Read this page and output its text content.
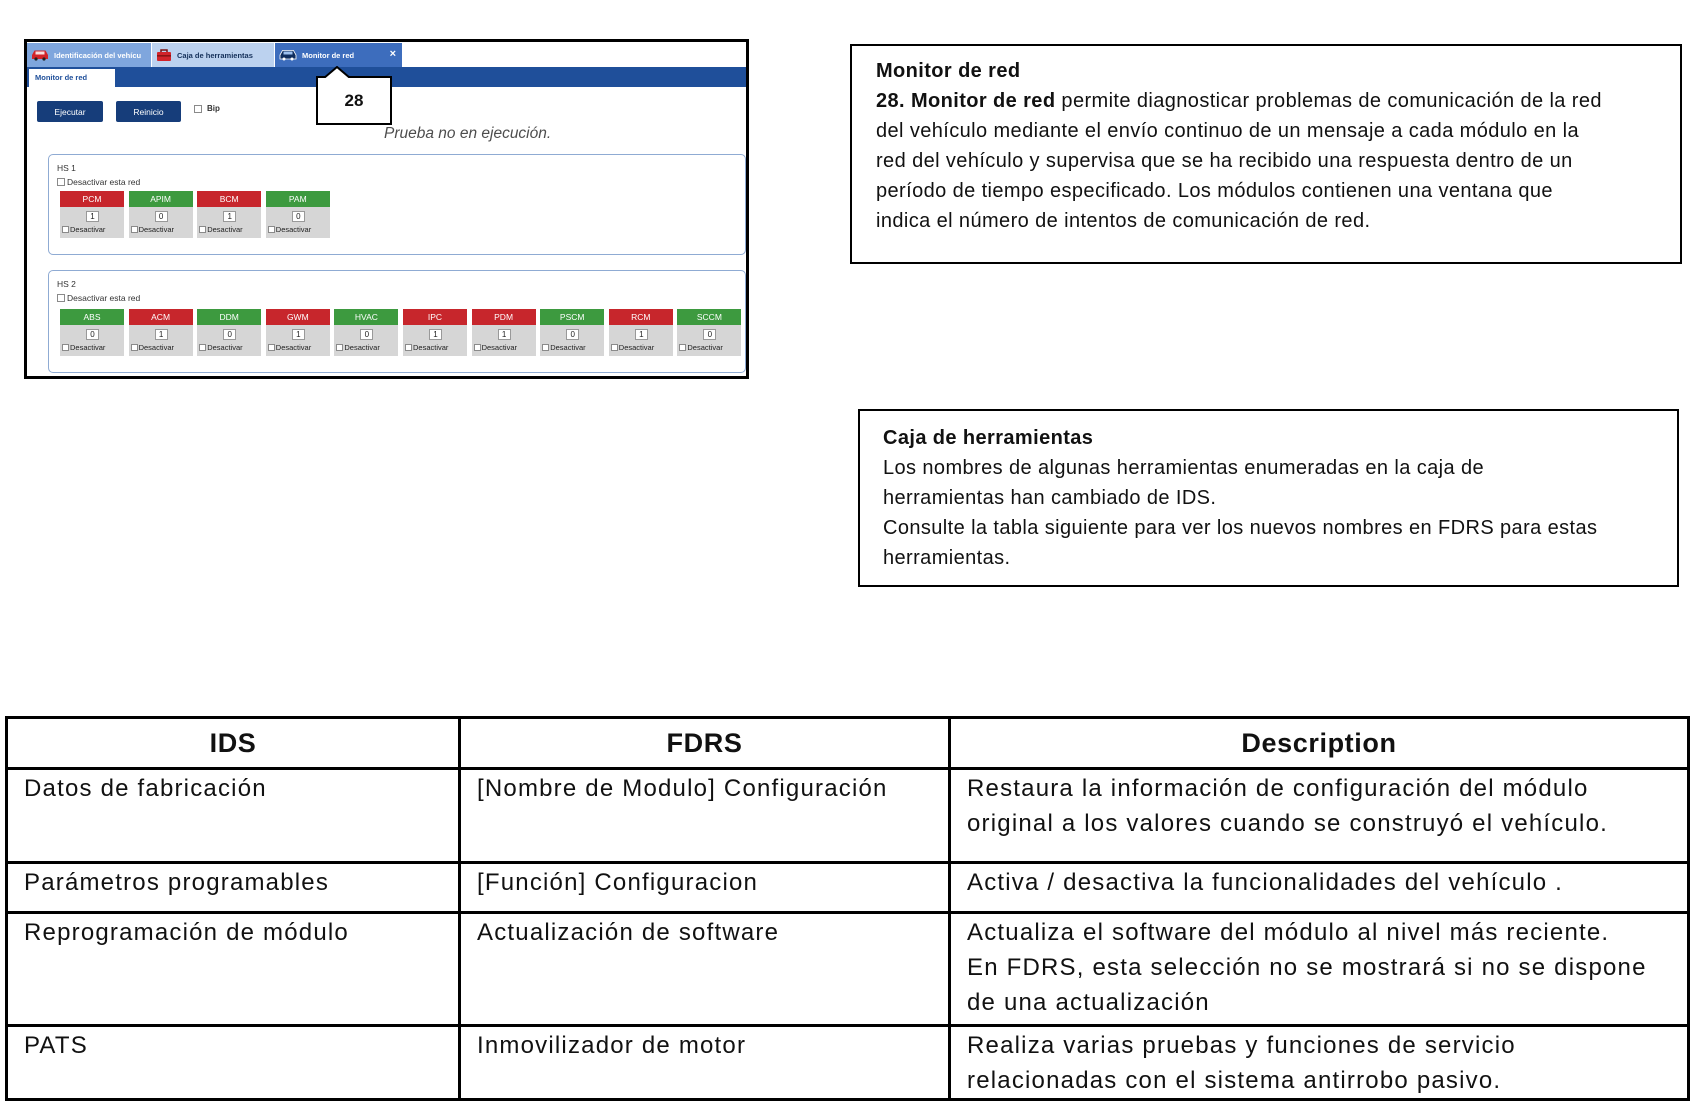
Identificación del vehícu	Caja de herramientas	Monitor de red	×
Monitor de red
Ejecutar	Reinicio	Bip
Prueba no en ejecución.
28
HS 1
Desactivar esta red
PCM
1
Desactivar
APIM
0
Desactivar
BCM
1
Desactivar
PAM
0
Desactivar
HS 2
Desactivar esta red
ABS
0
Desactivar
ACM
1
Desactivar
DDM
0
Desactivar
GWM
1
Desactivar
HVAC
0
Desactivar
IPC
1
Desactivar
PDM
1
Desactivar
PSCM
0
Desactivar
RCM
1
Desactivar
SCCM
0
Desactivar
Monitor de red
28. Monitor de red permite diagnosticar problemas de comunicación de la red
del vehículo mediante el envío continuo de un mensaje a cada módulo en la
red del vehículo y supervisa que se ha recibido una respuesta dentro de un
período de tiempo especificado. Los módulos contienen una ventana que
indica el número de intentos de comunicación de red.
Caja de herramientas
Los nombres de algunas herramientas enumeradas en la caja de
herramientas han cambiado de IDS.
Consulte la tabla siguiente para ver los nuevos nombres en FDRS para estas
herramientas.
IDS	FDRS	Description
Datos de fabricación	[Nombre de Modulo] Configuración	Restaura la información de configuración del módulo
original a los valores cuando se construyó el vehículo.
Parámetros programables	[Función] Configuracion	Activa / desactiva la funcionalidades del vehículo .
Reprogramación de módulo	Actualización de software	Actualiza el software del módulo al nivel más reciente.
En FDRS, esta selección no se mostrará si no se dispone
de una actualización
PATS	Inmovilizador de motor	Realiza varias pruebas y funciones de servicio
relacionadas con el sistema antirrobo pasivo.
